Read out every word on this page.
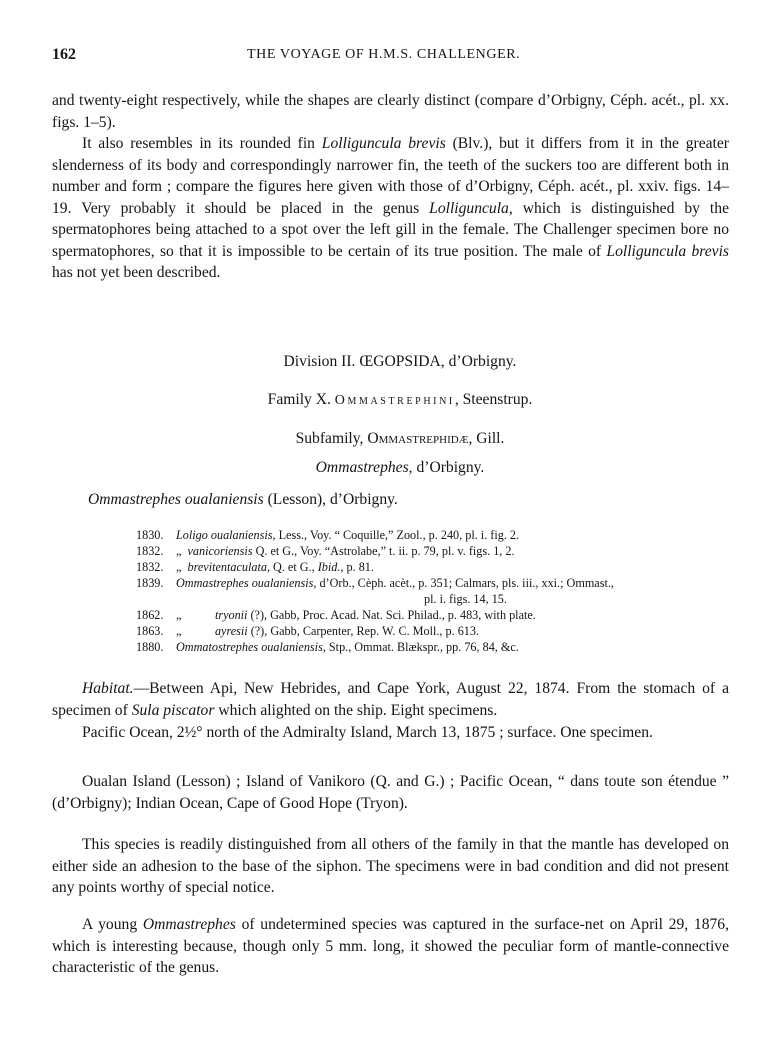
162	THE VOYAGE OF H.M.S. CHALLENGER.

and twenty-eight respectively, while the shapes are clearly distinct (compare d’Orbigny, Céph. acét., pl. xx. figs. 1–5).

It also resembles in its rounded fin Lolliguncula brevis (Blv.), but it differs from it in the greater slenderness of its body and correspondingly narrower fin, the teeth of the suckers too are different both in number and form ; compare the figures here given with those of d’Orbigny, Céph. acét., pl. xxiv. figs. 14–19. Very probably it should be placed in the genus Lolliguncula, which is distinguished by the spermatophores being attached to a spot over the left gill in the female. The Challenger specimen bore no spermatophores, so that it is impossible to be certain of its true position. The male of Lolliguncula brevis has not yet been described.

Division II. ŒGOPSIDA, d’Orbigny.
Family X. Ommastrephini, Steenstrup.
Subfamily, Ommastrephidæ, Gill.
Ommastrephes, d’Orbigny.
Ommastrephes oualaniensis (Lesson), d’Orbigny.
1830.	Loligo oualaniensis, Less., Voy. “ Coquille,” Zool., p. 240, pl. i. fig. 2.
1832.	„  vanicoriensis Q. et G., Voy. “Astrolabe,” t. ii. p. 79, pl. v. figs. 1, 2.
1832.	„  brevitentaculata, Q. et G., Ibid., p. 81.
1839.	Ommastrephes oualaniensis, d’Orb., Cèph. acèt., p. 351; Calmars, pls. iii., xxi.; Ommast.,
pl. i. figs. 14, 15.
1862.	„           tryonii (?), Gabb, Proc. Acad. Nat. Sci. Philad., p. 483, with plate.
1863.	„           ayresii (?), Gabb, Carpenter, Rep. W. C. Moll., p. 613.
1880.	Ommatostrephes oualaniensis, Stp., Ommat. Blækspr., pp. 76, 84, &c.

Habitat.—Between Api, New Hebrides, and Cape York, August 22, 1874. From the stomach of a specimen of Sula piscator which alighted on the ship. Eight specimens.

Pacific Ocean, 2½° north of the Admiralty Island, March 13, 1875 ; surface. One specimen.

Oualan Island (Lesson) ; Island of Vanikoro (Q. and G.) ; Pacific Ocean, “ dans toute son étendue ” (d’Orbigny); Indian Ocean, Cape of Good Hope (Tryon).

This species is readily distinguished from all others of the family in that the mantle has developed on either side an adhesion to the base of the siphon. The specimens were in bad condition and did not present any points worthy of special notice.

A young Ommastrephes of undetermined species was captured in the surface-net on April 29, 1876, which is interesting because, though only 5 mm. long, it showed the peculiar form of mantle-connective characteristic of the genus.
